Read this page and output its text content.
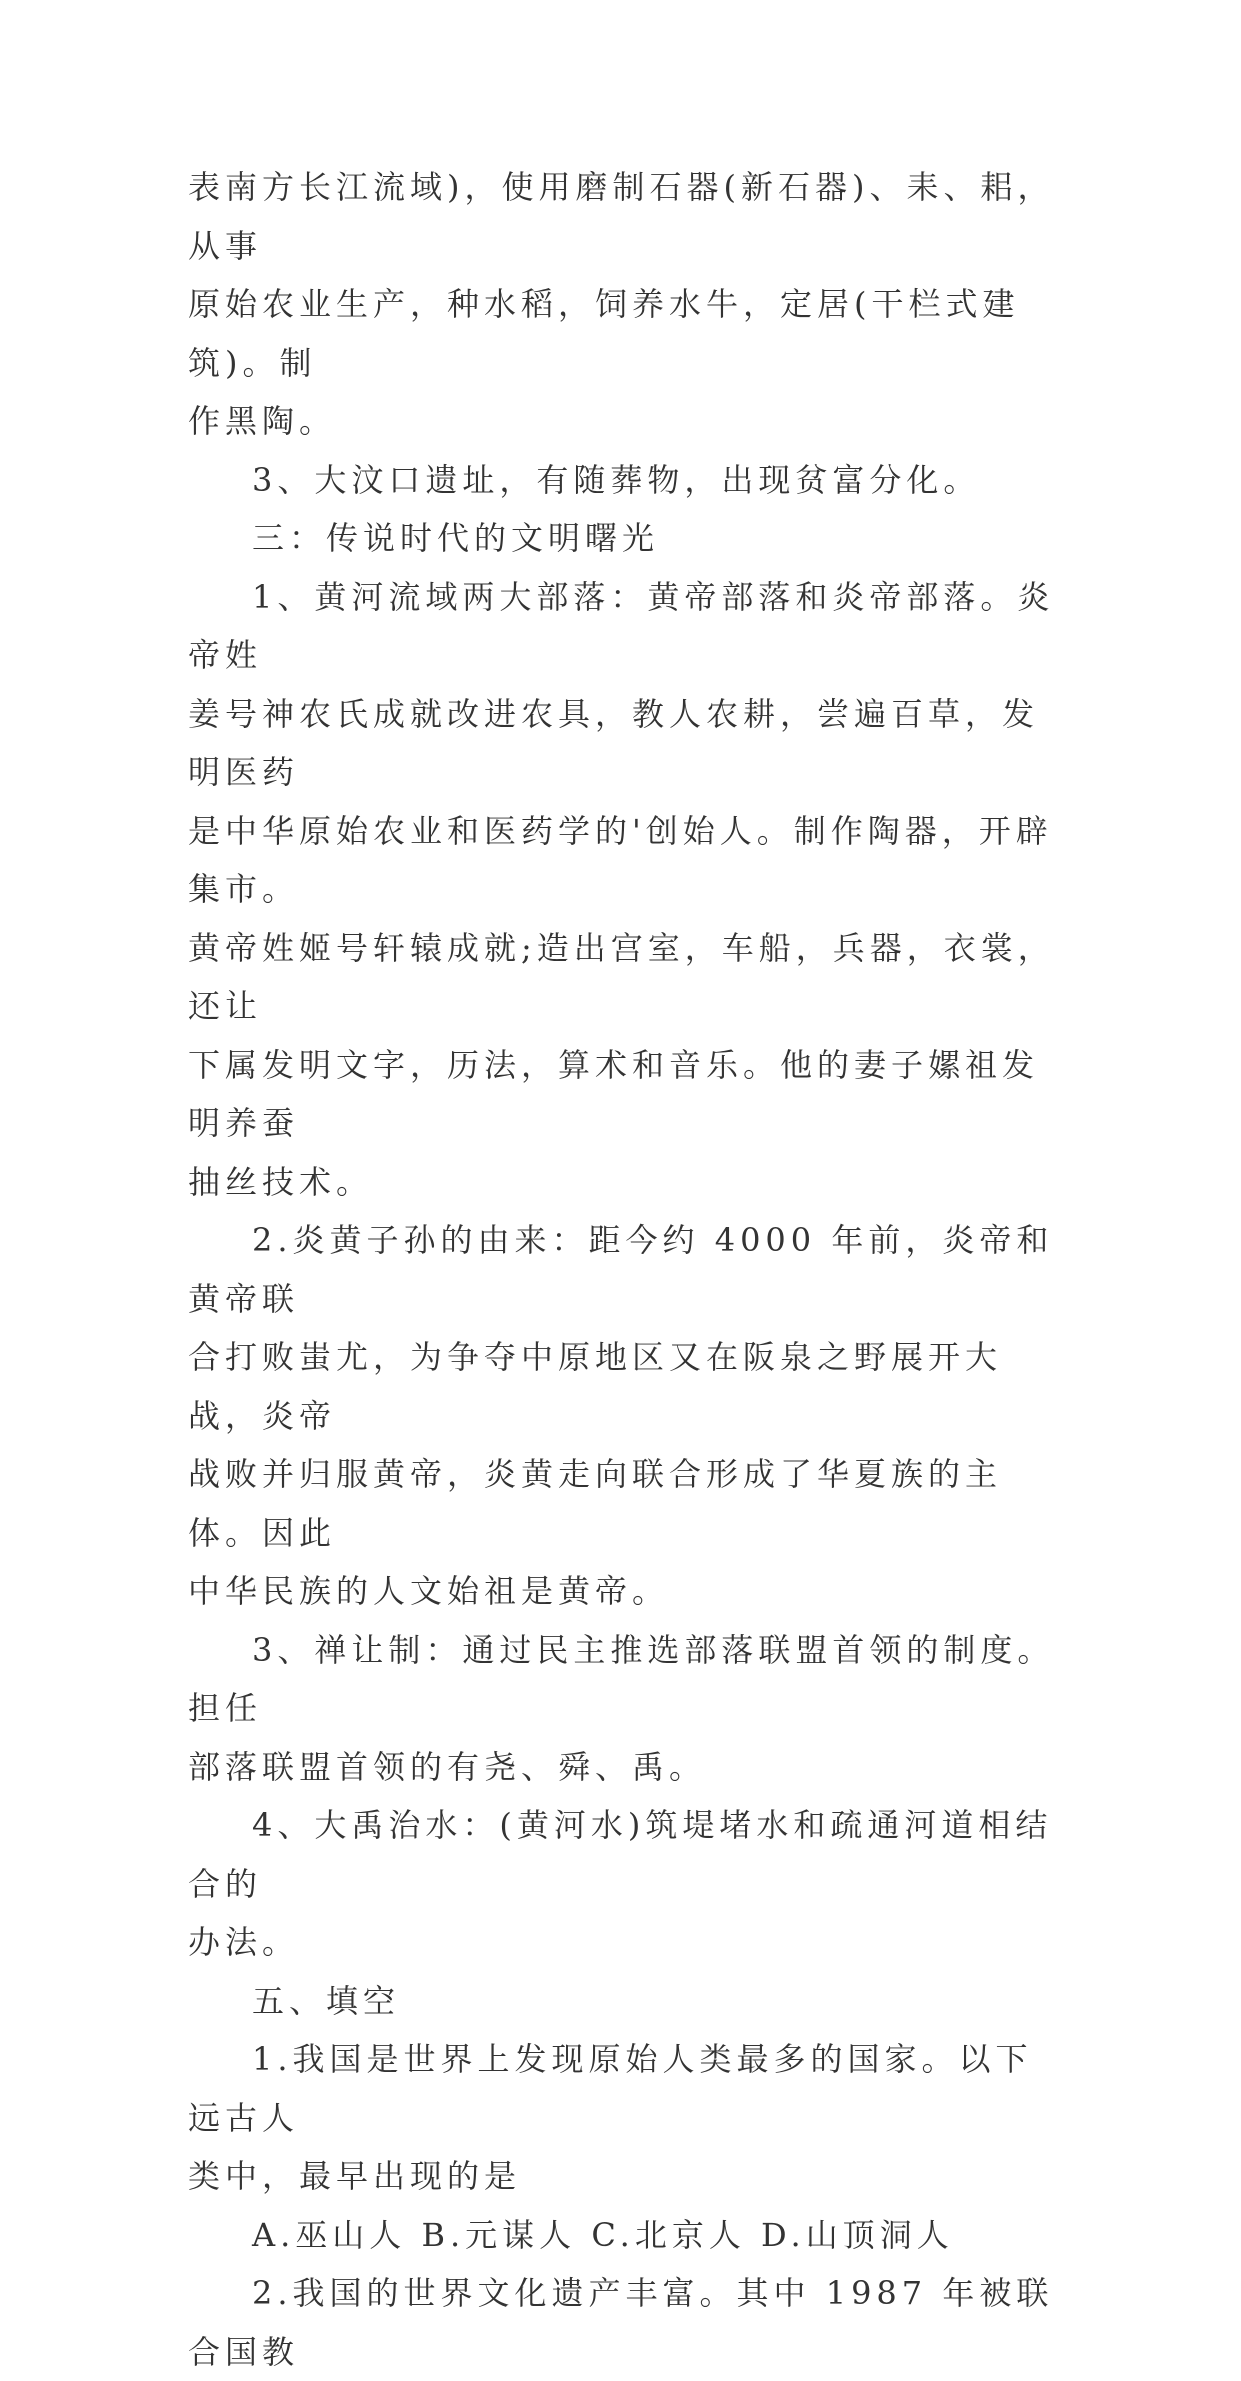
表南方长江流域)，使用磨制石器(新石器)、耒、耜，从事
原始农业生产，种水稻，饲养水牛，定居(干栏式建筑)。制
作黑陶。

3、大汶口遗址，有随葬物，出现贫富分化。

三：传说时代的文明曙光

1、黄河流域两大部落：黄帝部落和炎帝部落。炎帝姓
姜号神农氏成就改进农具，教人农耕，尝遍百草，发明医药
是中华原始农业和医药学的'创始人。制作陶器，开辟集市。
黄帝姓姬号轩辕成就;造出宫室，车船，兵器，衣裳，还让
下属发明文字，历法，算术和音乐。他的妻子嫘祖发明养蚕
抽丝技术。

2.炎黄子孙的由来：距今约 4000 年前，炎帝和黄帝联
合打败蚩尤，为争夺中原地区又在阪泉之野展开大战，炎帝
战败并归服黄帝，炎黄走向联合形成了华夏族的主体。因此
中华民族的人文始祖是黄帝。

3、禅让制：通过民主推选部落联盟首领的制度。担任
部落联盟首领的有尧、舜、禹。

4、大禹治水：(黄河水)筑堤堵水和疏通河道相结合的
办法。

五、填空

1.我国是世界上发现原始人类最多的国家。以下远古人
类中，最早出现的是

A.巫山人 B.元谋人 C.北京人 D.山顶洞人

2.我国的世界文化遗产丰富。其中 1987 年被联合国教
